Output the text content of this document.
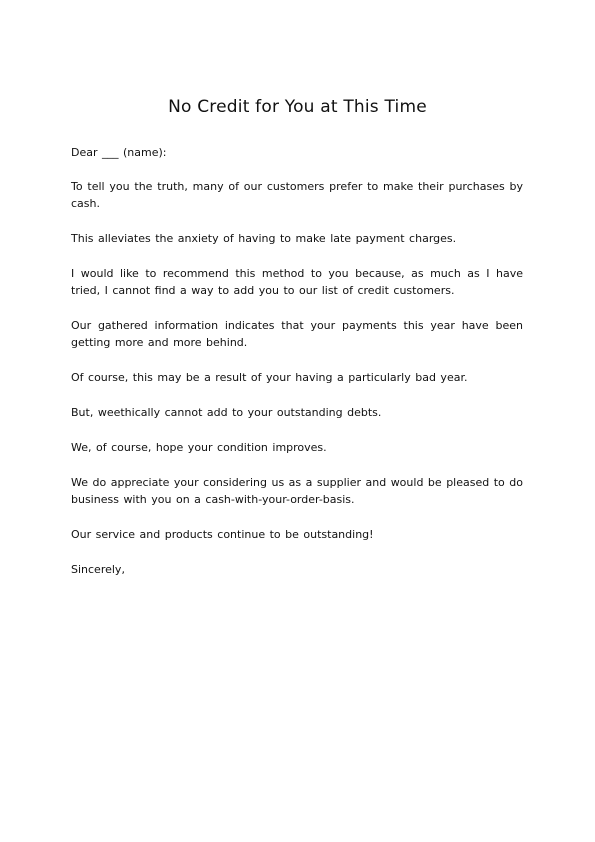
No Credit for You at This Time

Dear ___ (name):

To tell you the truth, many of our customers prefer to make their purchases by cash.

This alleviates the anxiety of having to make late payment charges.

I would like to recommend this method to you because, as much as I have tried, I cannot find a way to add you to our list of credit customers.

Our gathered information indicates that your payments this year have been getting more and more behind.

Of course, this may be a result of your having a particularly bad year.

But, weethically cannot add to your outstanding debts.

We, of course, hope your condition improves.

We do appreciate your considering us as a supplier and would be pleased to do business with you on a cash-with-your-order-basis.

Our service and products continue to be outstanding!

Sincerely,
